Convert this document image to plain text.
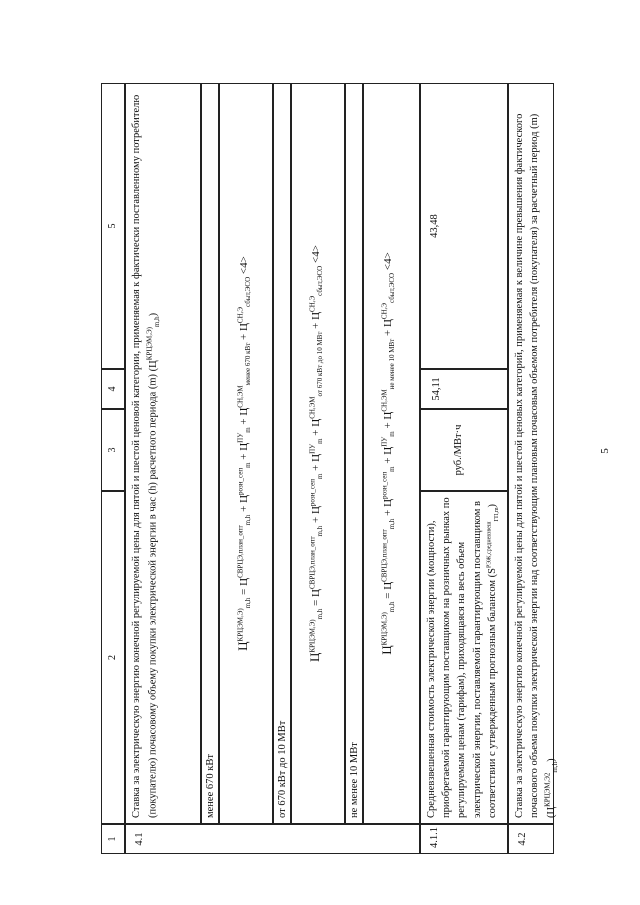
5
1
2
3
4
5
4.1
Ставка за электрическую энергию конечной регулируемой цены для пятой и шестой ценовой категории, применяемая к фактически поставленному потребителю (покупателю) почасовому объему покупки электрической энергии в час (h) расчетного периода (m) $(Ц^{КРЦЭМ,Э)}_{m,h})$
менее 670 кВт
$Ц^{КРЦЭМ,Э)}_{m,h} = Ц^{СВРЦЭ,план\_опт}_{m,h} + Ц^{розн\_сеп}_m + Ц^{ПУ}_m + Ц^{СН,ЭМ}_{менее 670 кВт} + Ц^{СН,Э}_{сбыт,ЭСО} <4>$
от 670 кВт до 10 МВт
$Ц^{КРЦЭМ,Э)}_{m,h} = Ц^{СВРЦЭ,план\_опт}_{m,h} + Ц^{розн\_сеп}_m + Ц^{ПУ}_m + Ц^{СН,ЭМ}_{от 670 кВт до 10 МВт} + Ц^{СН,Э}_{сбыт,ЭСО} <4>$
не менее 10 МВт
$Ц^{КРЦЭМ,Э)}_{m,h} = Ц^{СВРЦЭ,план\_опт}_{m,h} + Ц^{розн\_сеп}_m + Ц^{ПУ}_m + Ц^{СН,ЭМ}_{не менее 10 МВт} + Ц^{СН,Э}_{сбыт,ЭСО} <4>$
4.1.1
Средневзвешенная стоимость электрической энергии (мощности), приобретаемой гарантирующим поставщиком на розничных рынках по регулируемым ценам (тарифам), приходящаяся на весь объем электрической энергии, поставляемой гарантирующим поставщиком в соответствии с утвержденным прогнозным балансом $(S^{РЭЖ,средневзвеш}_{ГП,m})$
руб./МВт·ч
54,11
43,48
4.2
Ставка за электрическую энергию конечной регулируемой цены для пятой и шестой ценовых категорий, применяемая к величине превышения фактического почасового объема покупки электрической энергии над соответствующим плановым почасовым объемом потребителя (покупателя) за расчетный период (m) $(Ц^{КРЦЭМ,Э2}_{m,h})$
